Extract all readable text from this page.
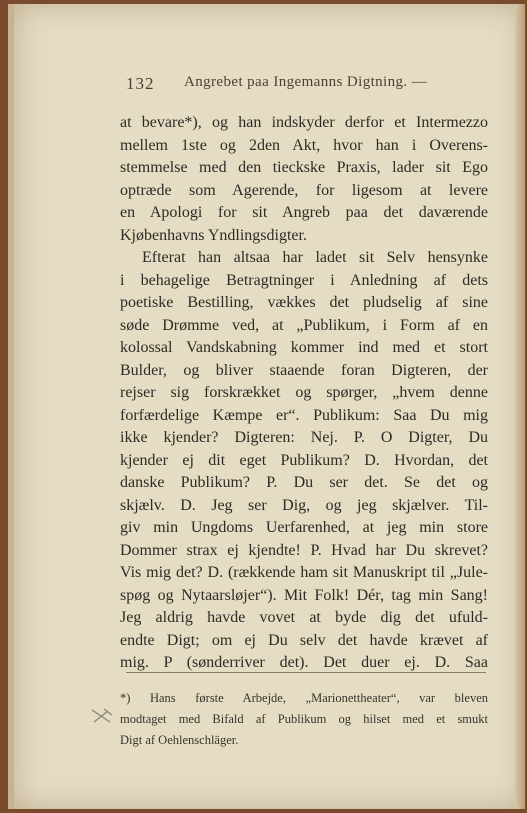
132 Angrebet paa Ingemanns Digtning. —
at bevare*), og han indskyder derfor et Intermezzo
mellem 1ste og 2den Akt, hvor han i Overens-
stemmelse med den tieckske Praxis, lader sit Ego
optræde som Agerende, for ligesom at levere
en Apologi for sit Angreb paa det daværende
Kjøbenhavns Yndlingsdigter.
Efterat han altsaa har ladet sit Selv hensynke
i behagelige Betragtninger i Anledning af dets
poetiske Bestilling, vækkes det pludselig af sine
søde Drømme ved, at „Publikum, i Form af en
kolossal Vandskabning kommer ind med et stort
Bulder, og bliver staaende foran Digteren, der
rejser sig forskrækket og spørger, „hvem denne
forfærdelige Kæmpe er“. Publikum: Saa Du mig
ikke kjender? Digteren: Nej. P. O Digter, Du
kjender ej dit eget Publikum? D. Hvordan, det
danske Publikum? P. Du ser det. Se det og
skjælv. D. Jeg ser Dig, og jeg skjælver. Til-
giv min Ungdoms Uerfarenhed, at jeg min store
Dommer strax ej kjendte! P. Hvad har Du skrevet?
Vis mig det? D. (rækkende ham sit Manuskript til „Jule-
spøg og Nytaarsløjer“). Mit Folk! Dér, tag min Sang!
Jeg aldrig havde vovet at byde dig det ufuld-
endte Digt; om ej Du selv det havde krævet af
mig. P (sønderriver det). Det duer ej. D. Saa
*) Hans første Arbejde, „Marionettheater“, var bleven
modtaget med Bifald af Publikum og hilset med et smukt
Digt af Oehlenschläger.
